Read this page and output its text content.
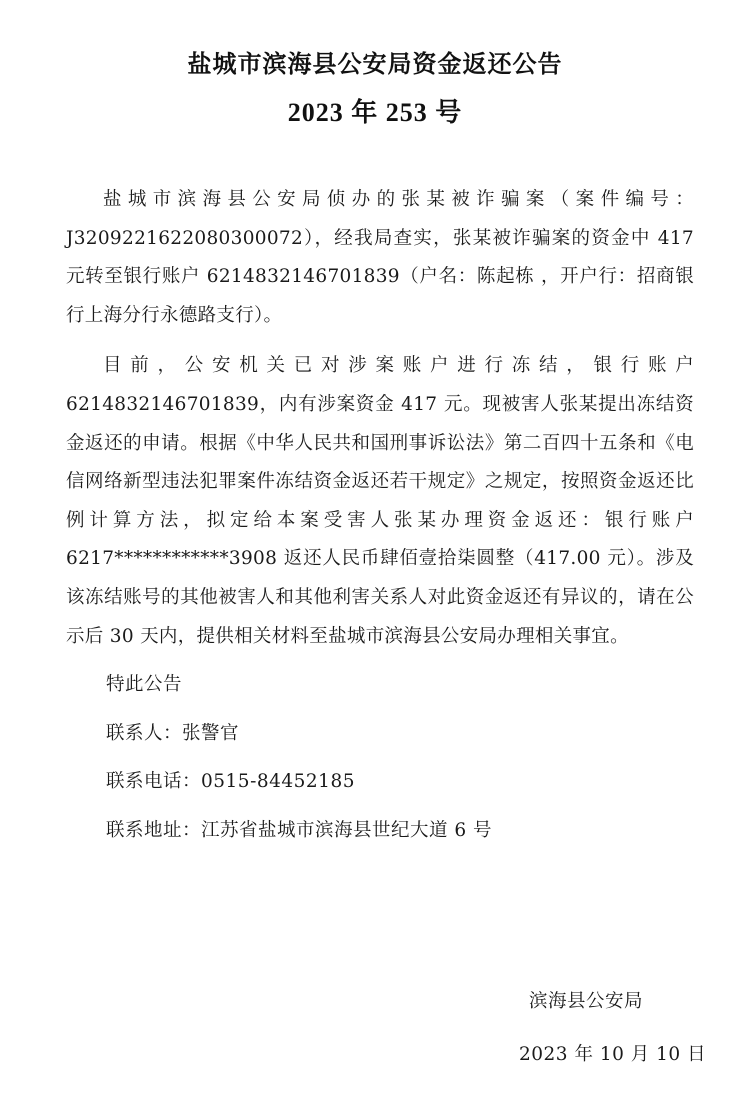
盐城市滨海县公安局资金返还公告
2023 年 253 号

盐城市滨海县公安局侦办的张某被诈骗案（案件编号：J3209221622080300072），经我局查实，张某被诈骗案的资金中 417 元转至银行账户 6214832146701839（户名：陈起栋 ，开户行：招商银行上海分行永德路支行）。

目前，公安机关已对涉案账户进行冻结，银行账户 6214832146701839，内有涉案资金 417 元。现被害人张某提出冻结资金返还的申请。根据《中华人民共和国刑事诉讼法》第二百四十五条和《电信网络新型违法犯罪案件冻结资金返还若干规定》之规定，按照资金返还比例计算方法，拟定给本案受害人张某办理资金返还：银行账户 6217************3908 返还人民币肆佰壹拾柒圆整（417.00 元）。涉及该冻结账号的其他被害人和其他利害关系人对此资金返还有异议的，请在公示后 30 天内，提供相关材料至盐城市滨海县公安局办理相关事宜。

特此公告

联系人：张警官

联系电话：0515-84452185

联系地址：江苏省盐城市滨海县世纪大道 6 号

滨海县公安局
2023 年 10 月 10 日
